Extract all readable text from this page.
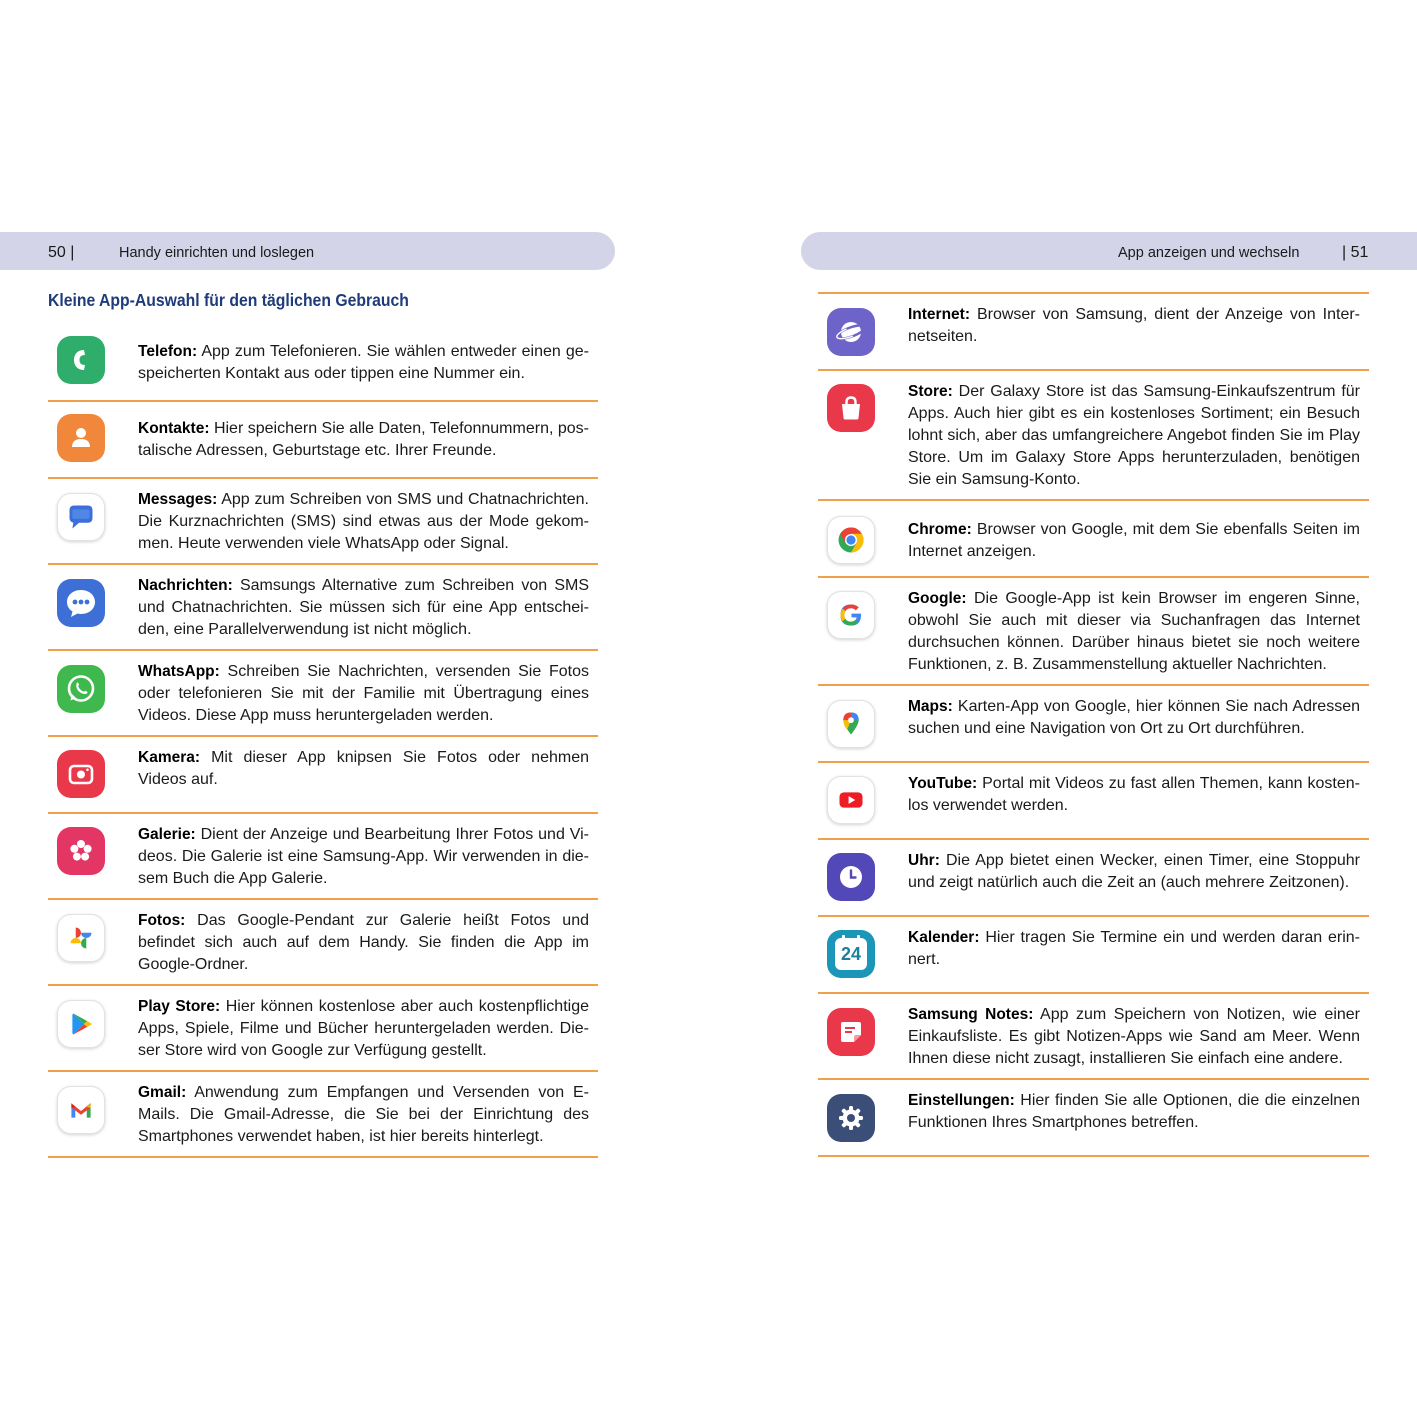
50 |	Handy einrichten und loslegen	App anzeigen und wechseln	| 51
Kleine App-Auswahl für den täglichen Gebrauch
Telefon: App zum Telefonieren. Sie wählen entweder einen gespeicherten Kontakt aus oder tippen eine Nummer ein.
Kontakte: Hier speichern Sie alle Daten, Telefonnummern, postalische Adressen, Geburtstage etc. Ihrer Freunde.
Messages: App zum Schreiben von SMS und Chatnachrichten. Die Kurznachrichten (SMS) sind etwas aus der Mode gekommen. Heute verwenden viele WhatsApp oder Signal.
Nachrichten: Samsungs Alternative zum Schreiben von SMS und Chatnachrichten. Sie müssen sich für eine App entscheiden, eine Parallelverwendung ist nicht möglich.
WhatsApp: Schreiben Sie Nachrichten, versenden Sie Fotos oder telefonieren Sie mit der Familie mit Übertragung eines Videos. Diese App muss heruntergeladen werden.
Kamera: Mit dieser App knipsen Sie Fotos oder nehmen Videos auf.
Galerie: Dient der Anzeige und Bearbeitung Ihrer Fotos und Videos. Die Galerie ist eine Samsung-App. Wir verwenden in diesem Buch die App Galerie.
Fotos: Das Google-Pendant zur Galerie heißt Fotos und befindet sich auch auf dem Handy. Sie finden die App im Google-Ordner.
Play Store: Hier können kostenlose aber auch kostenpflichtige Apps, Spiele, Filme und Bücher heruntergeladen werden. Dieser Store wird von Google zur Verfügung gestellt.
Gmail: Anwendung zum Empfangen und Versenden von E-Mails. Die Gmail-Adresse, die Sie bei der Einrichtung des Smartphones verwendet haben, ist hier bereits hinterlegt.
Internet: Browser von Samsung, dient der Anzeige von Internetseiten.
Store: Der Galaxy Store ist das Samsung-Einkaufszentrum für Apps. Auch hier gibt es ein kostenloses Sortiment; ein Besuch lohnt sich, aber das umfangreichere Angebot finden Sie im Play Store. Um im Galaxy Store Apps herunterzuladen, benötigen Sie ein Samsung-Konto.
Chrome: Browser von Google, mit dem Sie ebenfalls Seiten im Internet anzeigen.
Google: Die Google-App ist kein Browser im engeren Sinne, obwohl Sie auch mit dieser via Suchanfragen das Internet durchsuchen können. Darüber hinaus bietet sie noch weitere Funktionen, z. B. Zusammenstellung aktueller Nachrichten.
Maps: Karten-App von Google, hier können Sie nach Adressen suchen und eine Navigation von Ort zu Ort durchführen.
YouTube: Portal mit Videos zu fast allen Themen, kann kostenlos verwendet werden.
Uhr: Die App bietet einen Wecker, einen Timer, eine Stoppuhr und zeigt natürlich auch die Zeit an (auch mehrere Zeitzonen).
24
Kalender: Hier tragen Sie Termine ein und werden daran erinnert.
Samsung Notes: App zum Speichern von Notizen, wie einer Einkaufsliste. Es gibt Notizen-Apps wie Sand am Meer. Wenn Ihnen diese nicht zusagt, installieren Sie einfach eine andere.
Einstellungen: Hier finden Sie alle Optionen, die die einzelnen Funktionen Ihres Smartphones betreffen.
